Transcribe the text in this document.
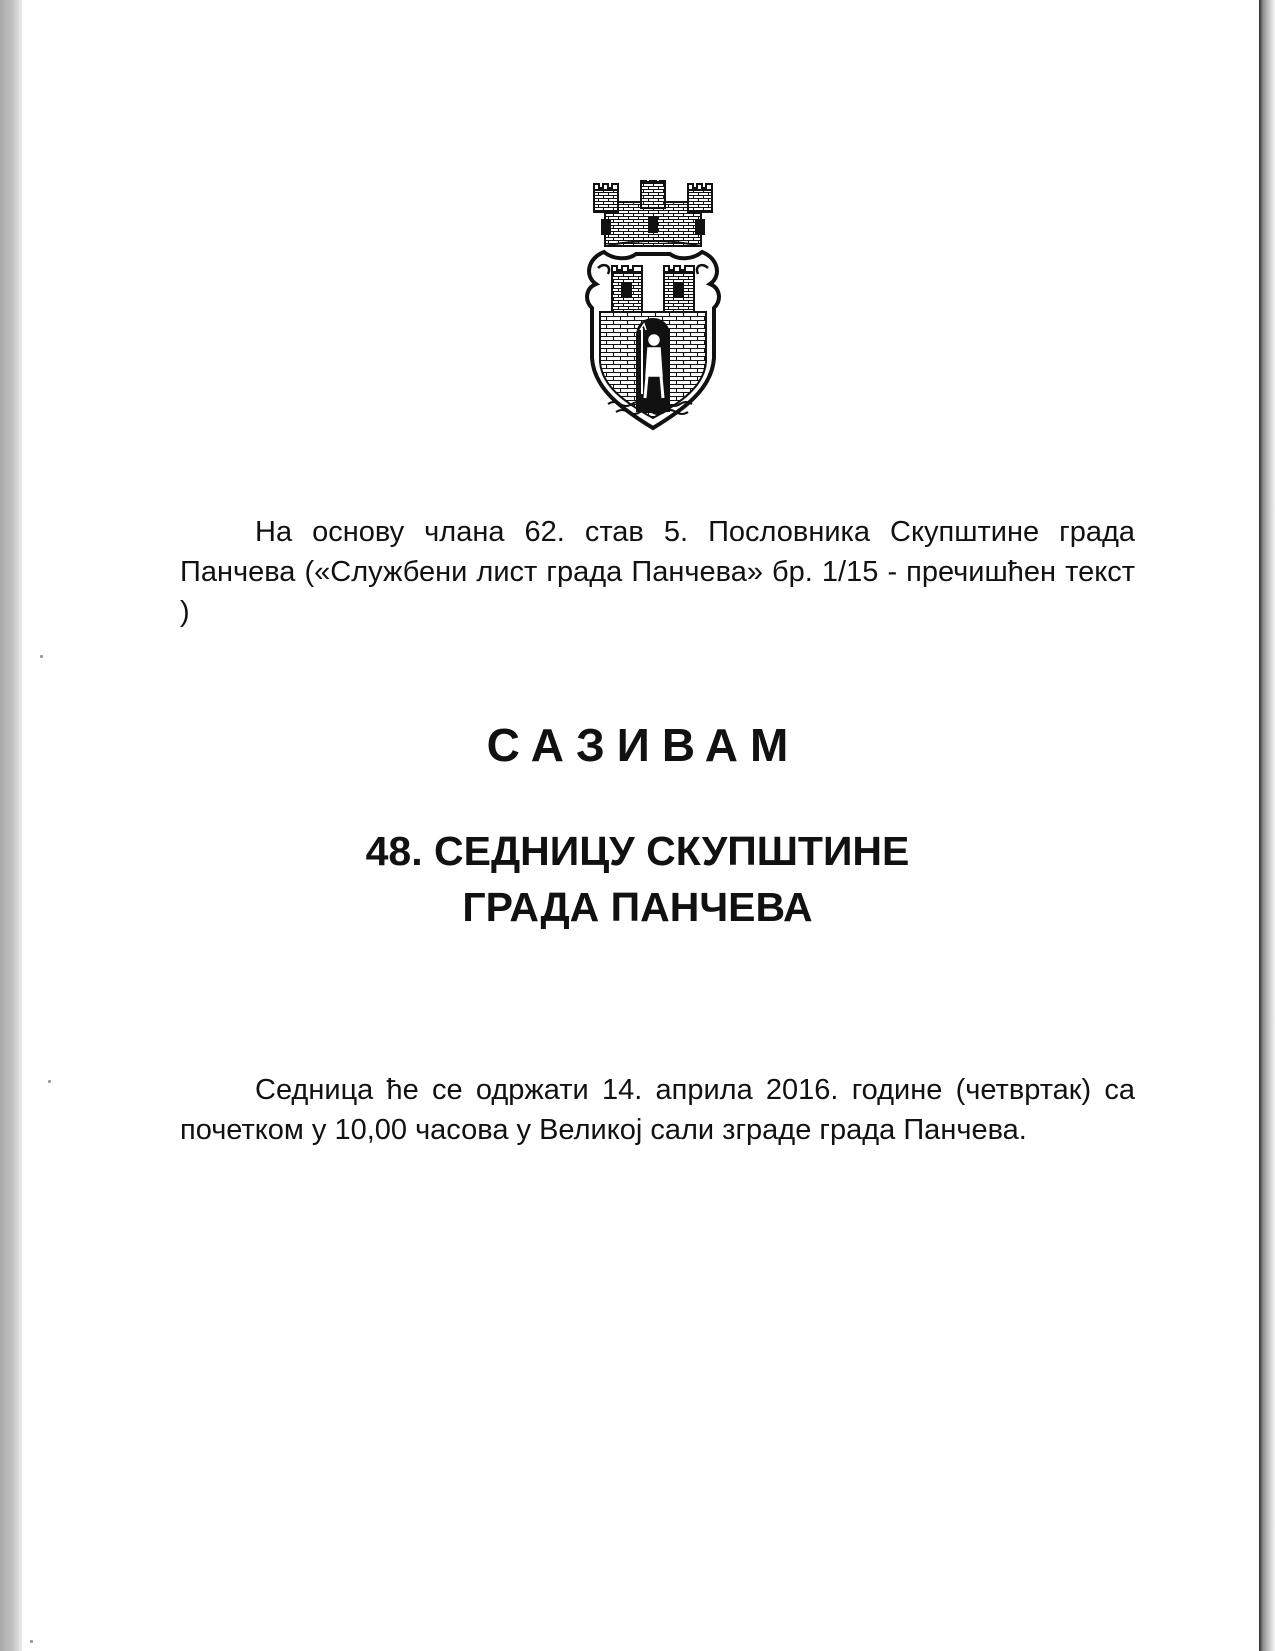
На основу члана 62. став 5. Пословника Скупштине града Панчева («Службени лист града Панчева» бр. 1/15 - пречишћен текст )

САЗИВАМ
48. СЕДНИЦУ СКУПШТИНЕ
ГРАДА ПАНЧЕВА

Седница ће се одржати 14. априла 2016. године (четвртак) са почетком у 10,00 часова у Великој сали зграде града Панчева.
